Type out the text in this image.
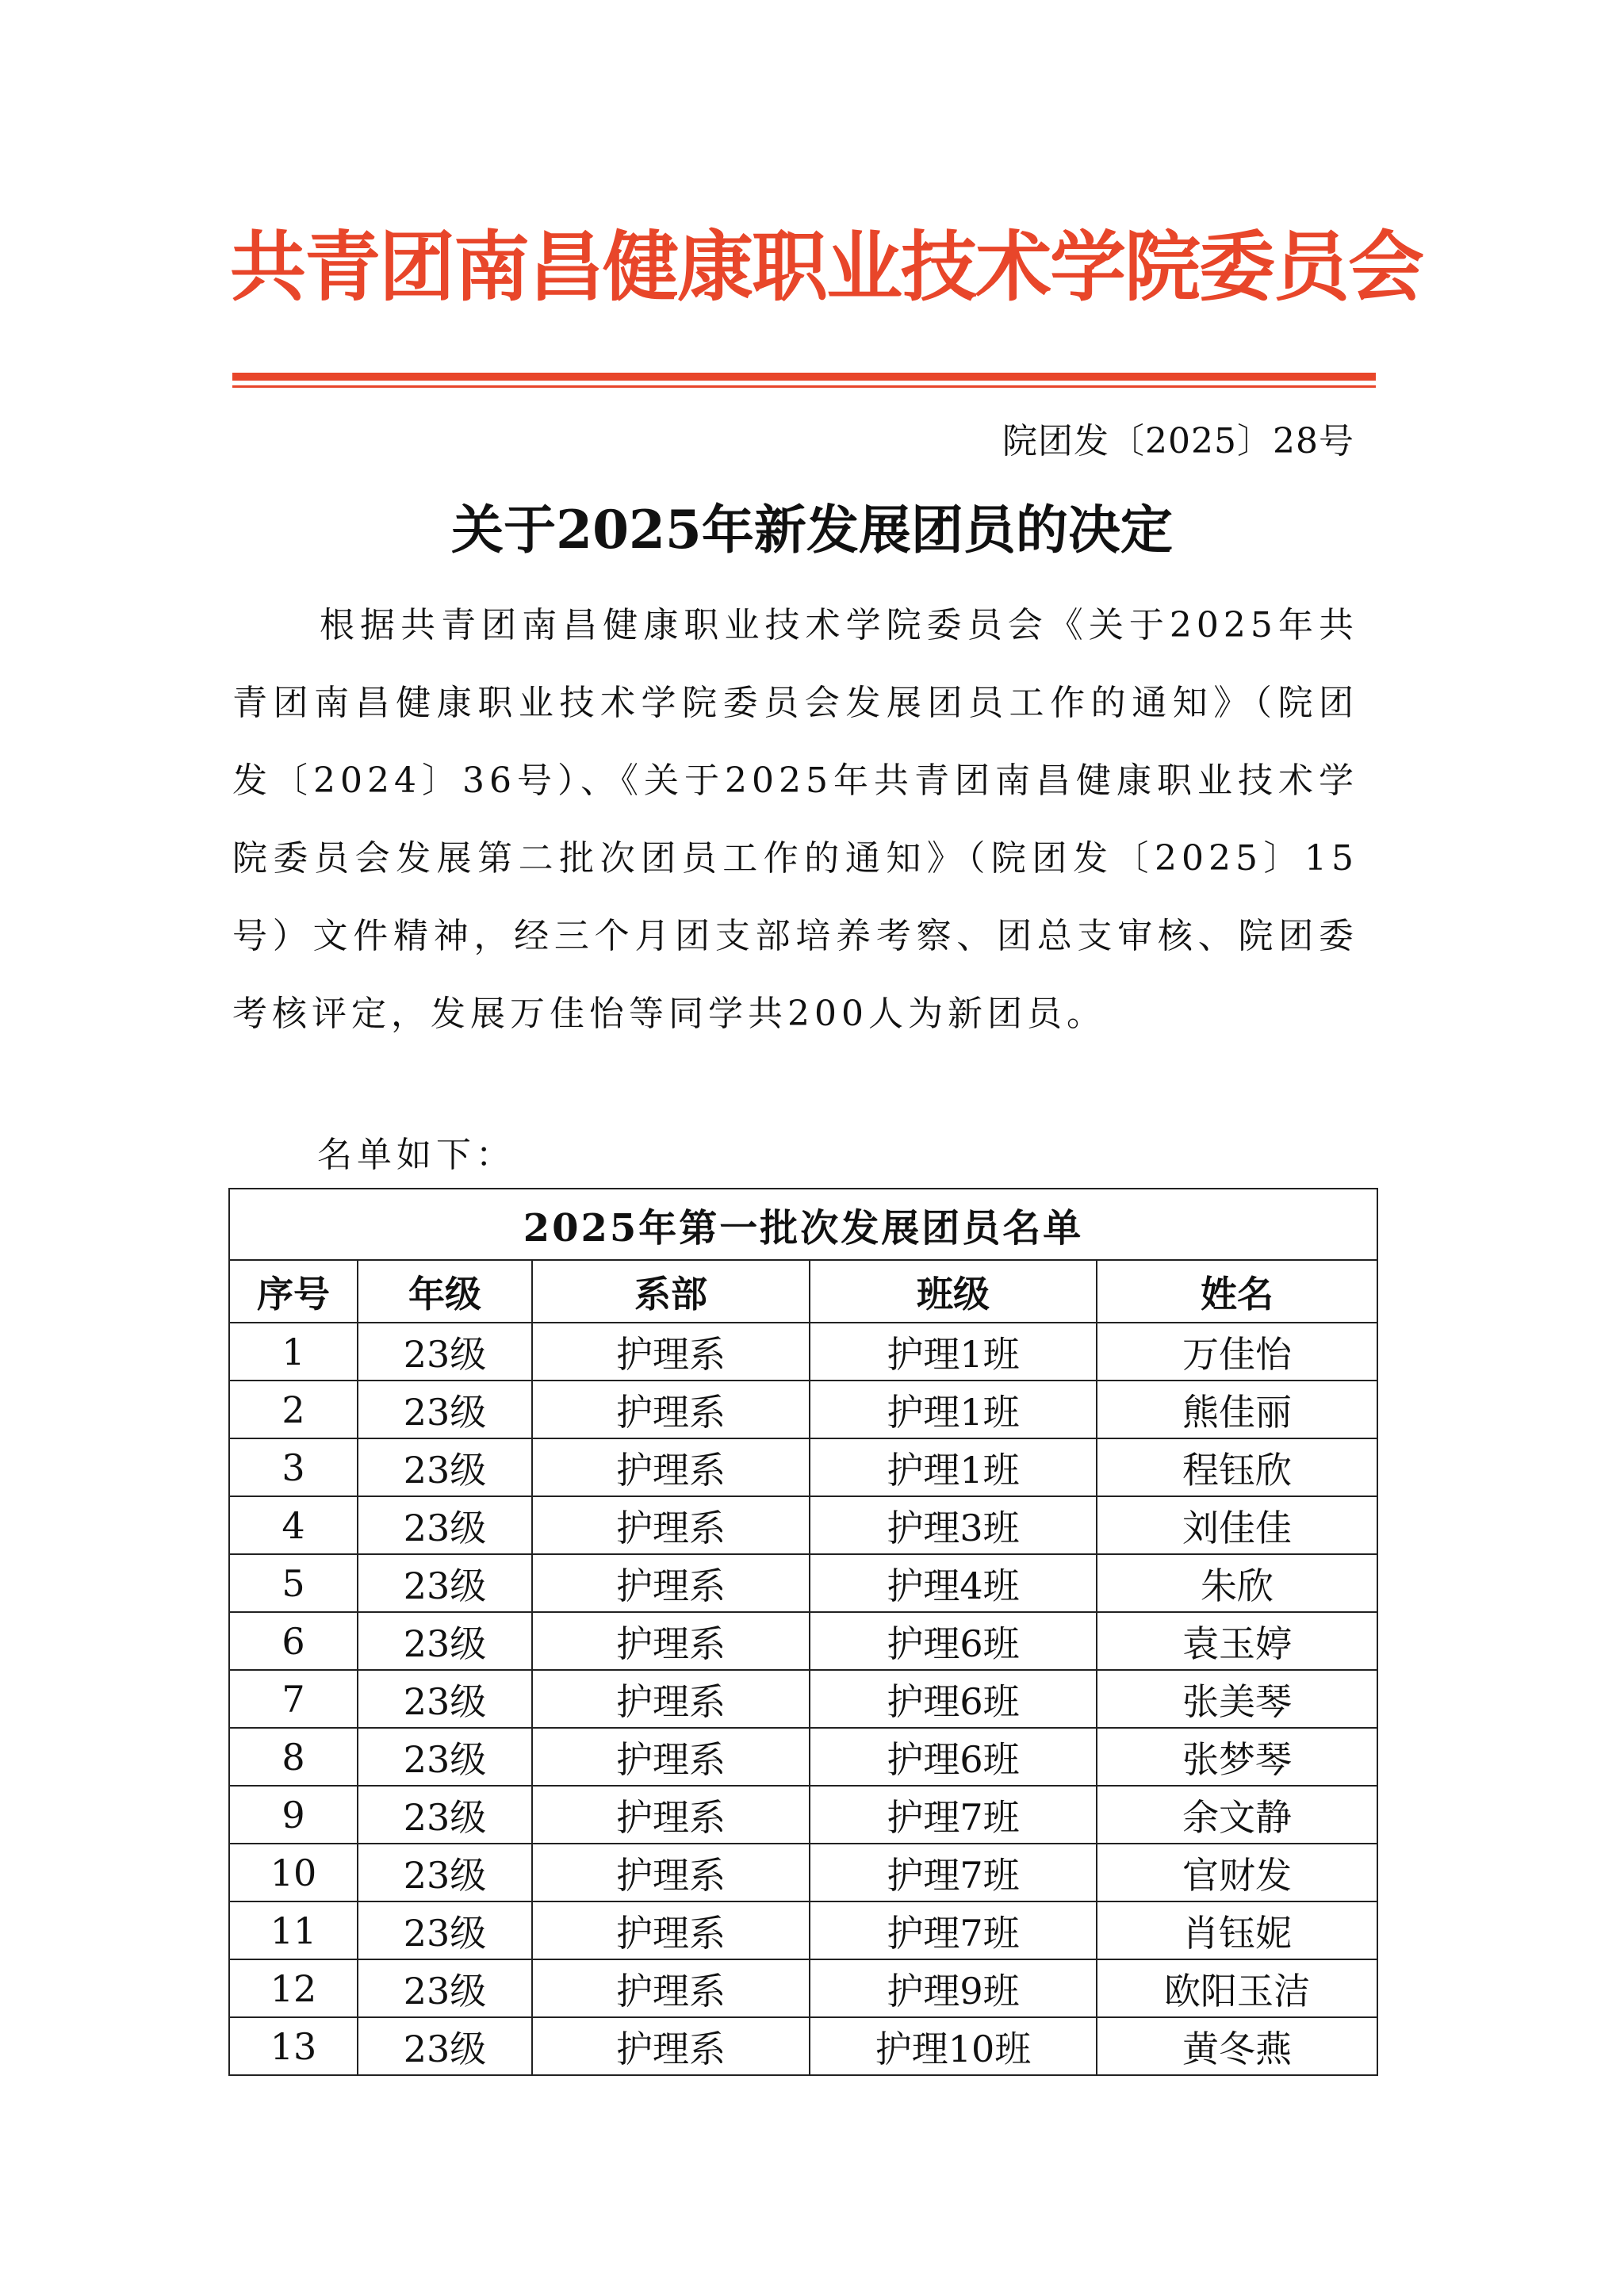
共青团南昌健康职业技术学院委员会
院团发〔2025〕28号
关于2025年新发展团员的决定

根据共青团南昌健康职业技术学院委员会《关于2025年共青团南昌健康职业技术学院委员会发展团员工作的通知》（院团发〔2024〕36号）、《关于2025年共青团南昌健康职业技术学院委员会发展第二批次团员工作的通知》（院团发〔2025〕15号）文件精神，经三个月团支部培养考察、团总支审核、院团委考核评定，发展万佳怡等同学共200人为新团员。

名单如下：
2025年第一批次发展团员名单				
序号	年级	系部	班级	姓名
1	23级	护理系	护理1班	万佳怡
2	23级	护理系	护理1班	熊佳丽
3	23级	护理系	护理1班	程钰欣
4	23级	护理系	护理3班	刘佳佳
5	23级	护理系	护理4班	朱欣
6	23级	护理系	护理6班	袁玉婷
7	23级	护理系	护理6班	张美琴
8	23级	护理系	护理6班	张梦琴
9	23级	护理系	护理7班	余文静
10	23级	护理系	护理7班	官财发
11	23级	护理系	护理7班	肖钰妮
12	23级	护理系	护理9班	欧阳玉洁
13	23级	护理系	护理10班	黄冬燕
